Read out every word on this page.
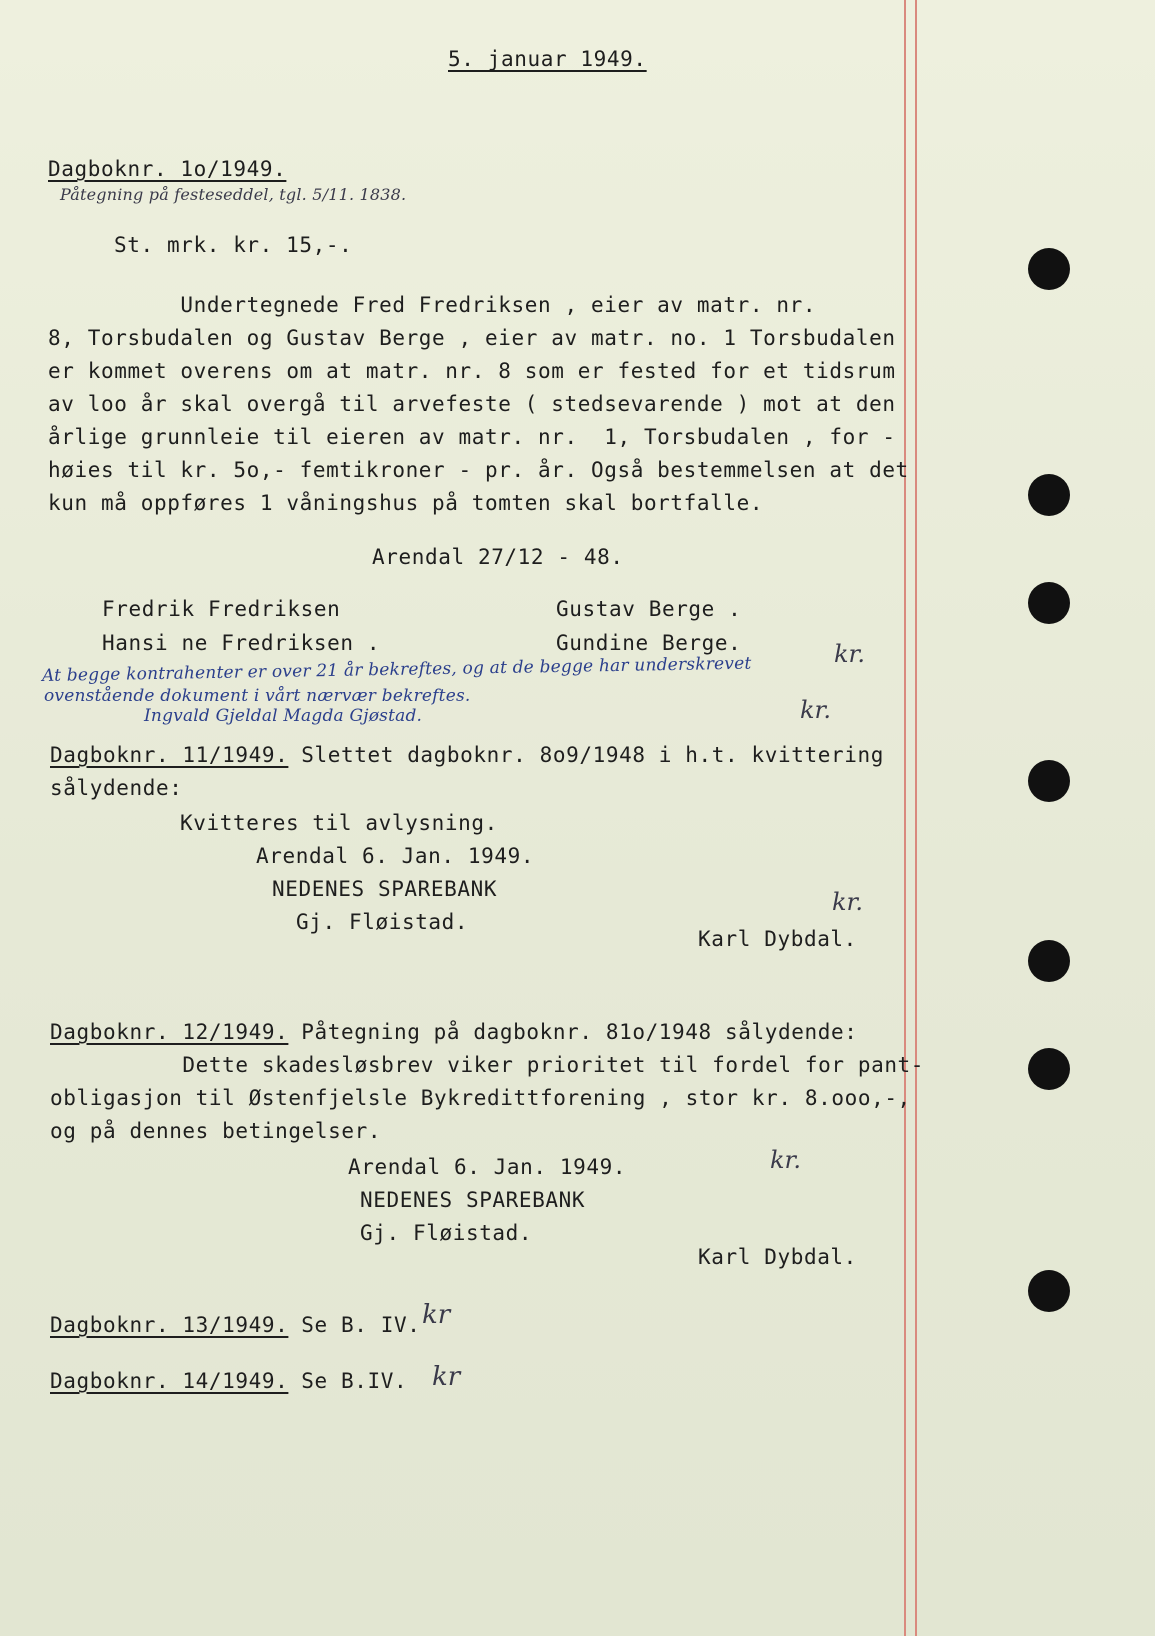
5. januar 1949.
Dagboknr. 1o/1949.
Påtegning på festeseddel, tgl. 5/11. 1838.
St. mrk. kr. 15,-.
Undertegnede Fred Fredriksen , eier av matr. nr.
8, Torsbudalen og Gustav Berge , eier av matr. no. 1 Torsbudalen
er kommet overens om at matr. nr. 8 som er fested for et tidsrum
av loo år skal overgå til arvefeste ( stedsevarende ) mot at den
årlige grunnleie til eieren av matr. nr.  1, Torsbudalen , for -
høies til kr. 5o,- femtikroner - pr. år. Også bestemmelsen at det
kun må oppføres 1 våningshus på tomten skal bortfalle.
Arendal 27/12 - 48.
Fredrik Fredriksen
Hansi ne Fredriksen .
Gustav Berge .
Gundine Berge.	kr.
At begge kontrahenter er over 21 år bekreftes, og at de begge har underskrevet
ovenstående dokument i vårt nærvær bekreftes.
Ingvald Gjeldal Magda Gjøstad.	kr.
Dagboknr. 11/1949. Slettet dagboknr. 8o9/1948 i h.t. kvittering
sålydende:
Kvitteres til avlysning.
Arendal 6. Jan. 1949.
NEDENES SPAREBANK
Gj. Fløistad.
kr.
Karl Dybdal.
Dagboknr. 12/1949. Påtegning på dagboknr. 81o/1948 sålydende:
Dette skadesløsbrev viker prioritet til fordel for pant-
obligasjon til Østenfjelsle Bykredittforening , stor kr. 8.ooo,-,
og på dennes betingelser.
Arendal 6. Jan. 1949.
NEDENES SPAREBANK
Gj. Fløistad.
kr.
Karl Dybdal.
Dagboknr. 13/1949. Se B. IV. kr
Dagboknr. 14/1949. Se B.IV. kr
